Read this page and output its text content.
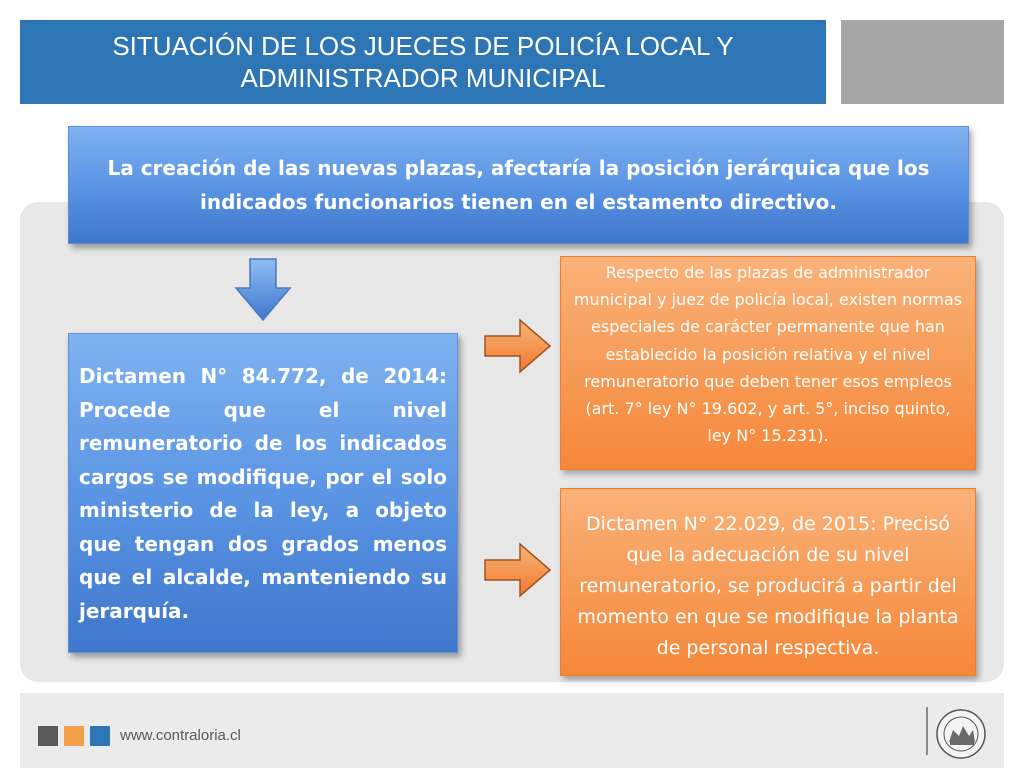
SITUACIÓN DE LOS JUECES DE POLICÍA LOCAL Y ADMINISTRADOR MUNICIPAL
La creación de las nuevas plazas, afectaría la posición jerárquica que los indicados funcionarios tienen en el estamento directivo.
Dictamen N° 84.772, de 2014: Procede que el nivel remuneratorio de los indicados cargos se modifique, por el solo ministerio de la ley, a objeto que tengan dos grados menos que el alcalde, manteniendo su jerarquía.
Respecto de las plazas de administrador municipal y juez de policía local, existen normas especiales de carácter permanente que han establecido la posición relativa y el nivel remuneratorio que deben tener esos empleos (art. 7° ley N° 19.602, y art. 5°, inciso quinto, ley N° 15.231).
Dictamen N° 22.029, de 2015: Precisó que la adecuación de su nivel remuneratorio, se producirá a partir del momento en que se modifique la planta de personal respectiva.
www.contraloria.cl
